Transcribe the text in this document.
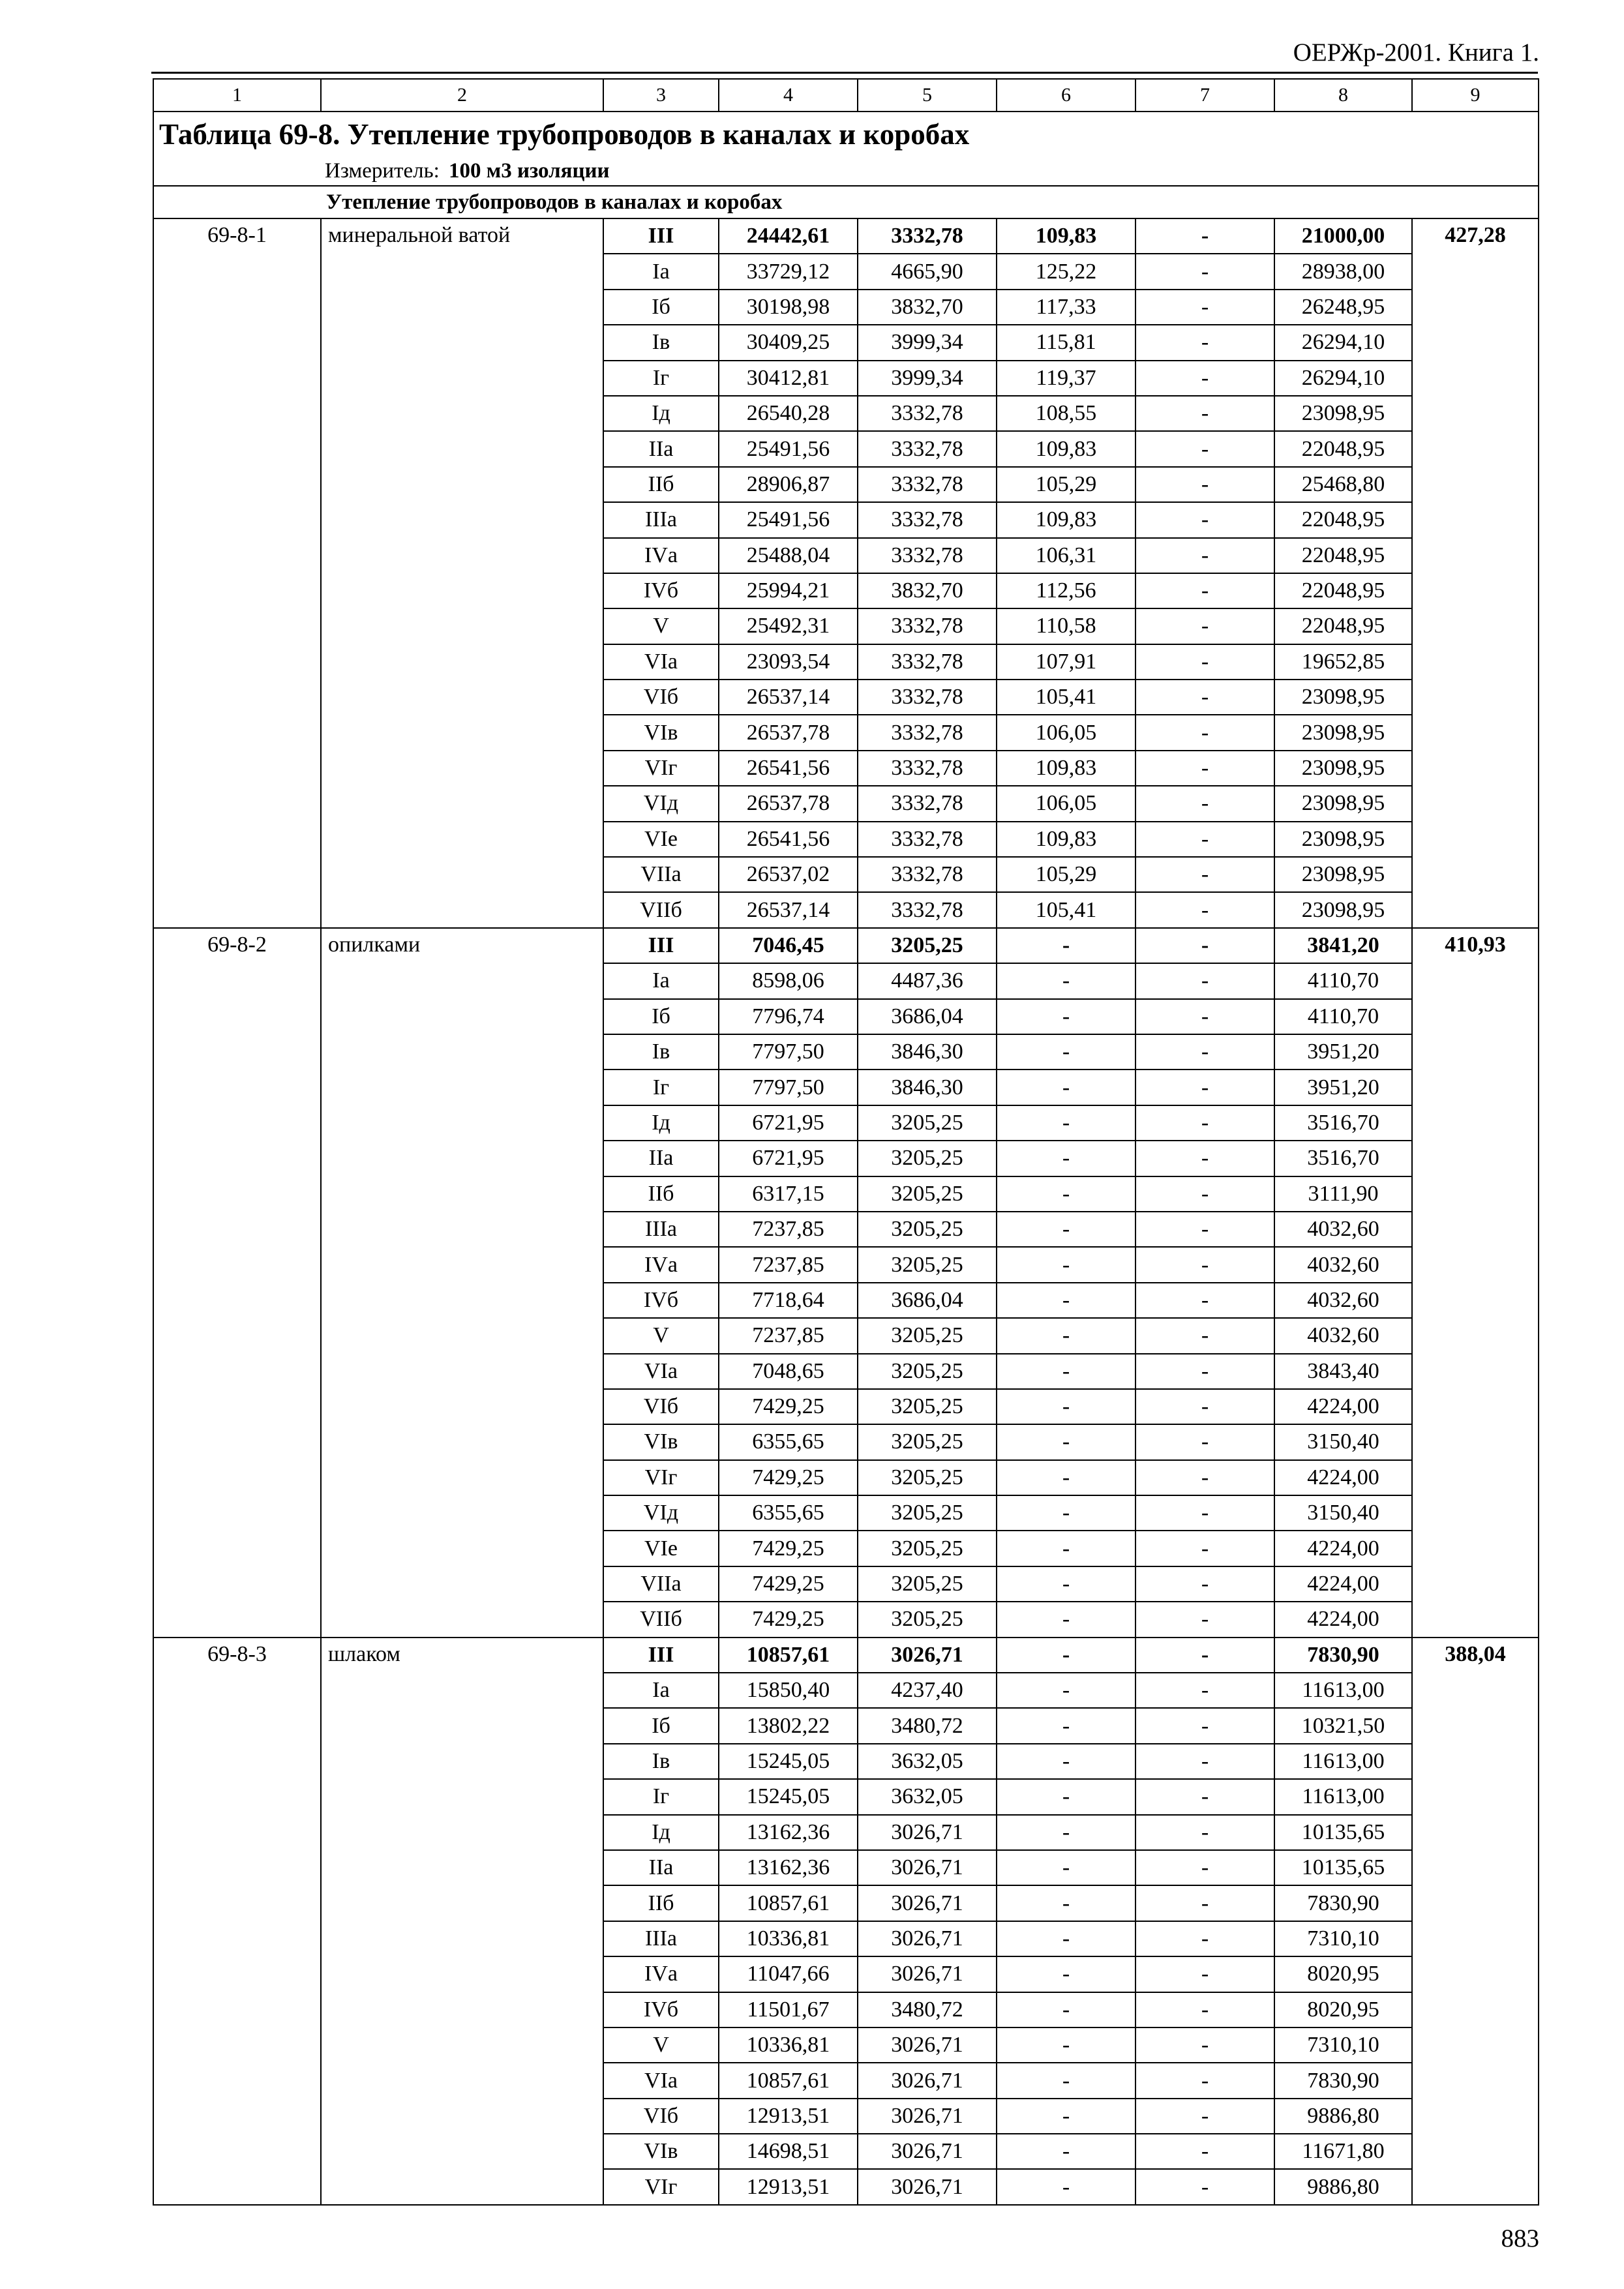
ОЕРЖр-2001. Книга 1.
1	2	3	4	5	6	7	8	9
Таблица 69-8. Утепление трубопроводов в каналах и коробах								
Измеритель: 100 м3 изоляции								
Утепление трубопроводов в каналах и коробах								
69-8-1	минеральной ватой	III	24442,61	3332,78	109,83	-	21000,00	427,28
		Iа	33729,12	4665,90	125,22	-	28938,00	
		Iб	30198,98	3832,70	117,33	-	26248,95	
		Iв	30409,25	3999,34	115,81	-	26294,10	
		Iг	30412,81	3999,34	119,37	-	26294,10	
		Iд	26540,28	3332,78	108,55	-	23098,95	
		IIа	25491,56	3332,78	109,83	-	22048,95	
		IIб	28906,87	3332,78	105,29	-	25468,80	
		IIIа	25491,56	3332,78	109,83	-	22048,95	
		IVа	25488,04	3332,78	106,31	-	22048,95	
		IVб	25994,21	3832,70	112,56	-	22048,95	
		V	25492,31	3332,78	110,58	-	22048,95	
		VIа	23093,54	3332,78	107,91	-	19652,85	
		VIб	26537,14	3332,78	105,41	-	23098,95	
		VIв	26537,78	3332,78	106,05	-	23098,95	
		VIг	26541,56	3332,78	109,83	-	23098,95	
		VIд	26537,78	3332,78	106,05	-	23098,95	
		VIе	26541,56	3332,78	109,83	-	23098,95	
		VIIа	26537,02	3332,78	105,29	-	23098,95	
		VIIб	26537,14	3332,78	105,41	-	23098,95	
69-8-2	опилками	III	7046,45	3205,25	-	-	3841,20	410,93
		Iа	8598,06	4487,36	-	-	4110,70	
		Iб	7796,74	3686,04	-	-	4110,70	
		Iв	7797,50	3846,30	-	-	3951,20	
		Iг	7797,50	3846,30	-	-	3951,20	
		Iд	6721,95	3205,25	-	-	3516,70	
		IIа	6721,95	3205,25	-	-	3516,70	
		IIб	6317,15	3205,25	-	-	3111,90	
		IIIа	7237,85	3205,25	-	-	4032,60	
		IVа	7237,85	3205,25	-	-	4032,60	
		IVб	7718,64	3686,04	-	-	4032,60	
		V	7237,85	3205,25	-	-	4032,60	
		VIа	7048,65	3205,25	-	-	3843,40	
		VIб	7429,25	3205,25	-	-	4224,00	
		VIв	6355,65	3205,25	-	-	3150,40	
		VIг	7429,25	3205,25	-	-	4224,00	
		VIд	6355,65	3205,25	-	-	3150,40	
		VIе	7429,25	3205,25	-	-	4224,00	
		VIIа	7429,25	3205,25	-	-	4224,00	
		VIIб	7429,25	3205,25	-	-	4224,00	
69-8-3	шлаком	III	10857,61	3026,71	-	-	7830,90	388,04
		Iа	15850,40	4237,40	-	-	11613,00	
		Iб	13802,22	3480,72	-	-	10321,50	
		Iв	15245,05	3632,05	-	-	11613,00	
		Iг	15245,05	3632,05	-	-	11613,00	
		Iд	13162,36	3026,71	-	-	10135,65	
		IIа	13162,36	3026,71	-	-	10135,65	
		IIб	10857,61	3026,71	-	-	7830,90	
		IIIа	10336,81	3026,71	-	-	7310,10	
		IVа	11047,66	3026,71	-	-	8020,95	
		IVб	11501,67	3480,72	-	-	8020,95	
		V	10336,81	3026,71	-	-	7310,10	
		VIа	10857,61	3026,71	-	-	7830,90	
		VIб	12913,51	3026,71	-	-	9886,80	
		VIв	14698,51	3026,71	-	-	11671,80	
		VIг	12913,51	3026,71	-	-	9886,80	
883
